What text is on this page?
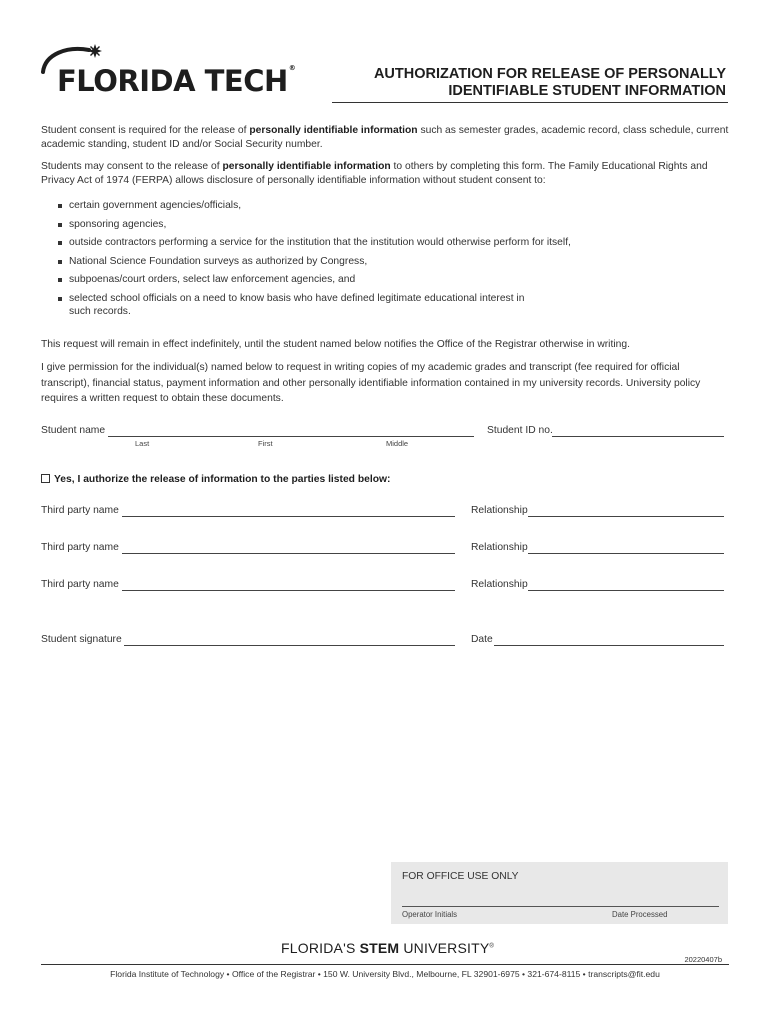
FLORIDA TECH®	AUTHORIZATION FOR RELEASE OF PERSONALLY
IDENTIFIABLE STUDENT INFORMATION
Student consent is required for the release of personally identifiable information such as semester grades, academic record, class schedule, current academic standing, student ID and/or Social Security number.
Students may consent to the release of personally identifiable information to others by completing this form. The Family Educational Rights and Privacy Act of 1974 (FERPA) allows disclosure of personally identifiable information without student consent to:
certain government agencies/officials,
sponsoring agencies,
outside contractors performing a service for the institution that the institution would otherwise perform for itself,
National Science Foundation surveys as authorized by Congress,
subpoenas/court orders, select law enforcement agencies, and
selected school officials on a need to know basis who have defined legitimate educational interest in such records.
This request will remain in effect indefinitely, until the student named below notifies the Office of the Registrar otherwise in writing.
I give permission for the individual(s) named below to request in writing copies of my academic grades and transcript (fee required for official transcript), financial status, payment information and other personally identifiable information contained in my university records. University policy requires a written request to obtain these documents.
Student name
Last	First	Middle
Student ID no.
Yes, I authorize the release of information to the parties listed below:
Third party name	Relationship
Third party name	Relationship
Third party name	Relationship
Student signature	Date
FOR OFFICE USE ONLY
Operator Initials	Date Processed
FLORIDA'S STEM UNIVERSITY®
20220407b
Florida Institute of Technology • Office of the Registrar • 150 W. University Blvd., Melbourne, FL 32901-6975 • 321-674-8115 • transcripts@fit.edu
